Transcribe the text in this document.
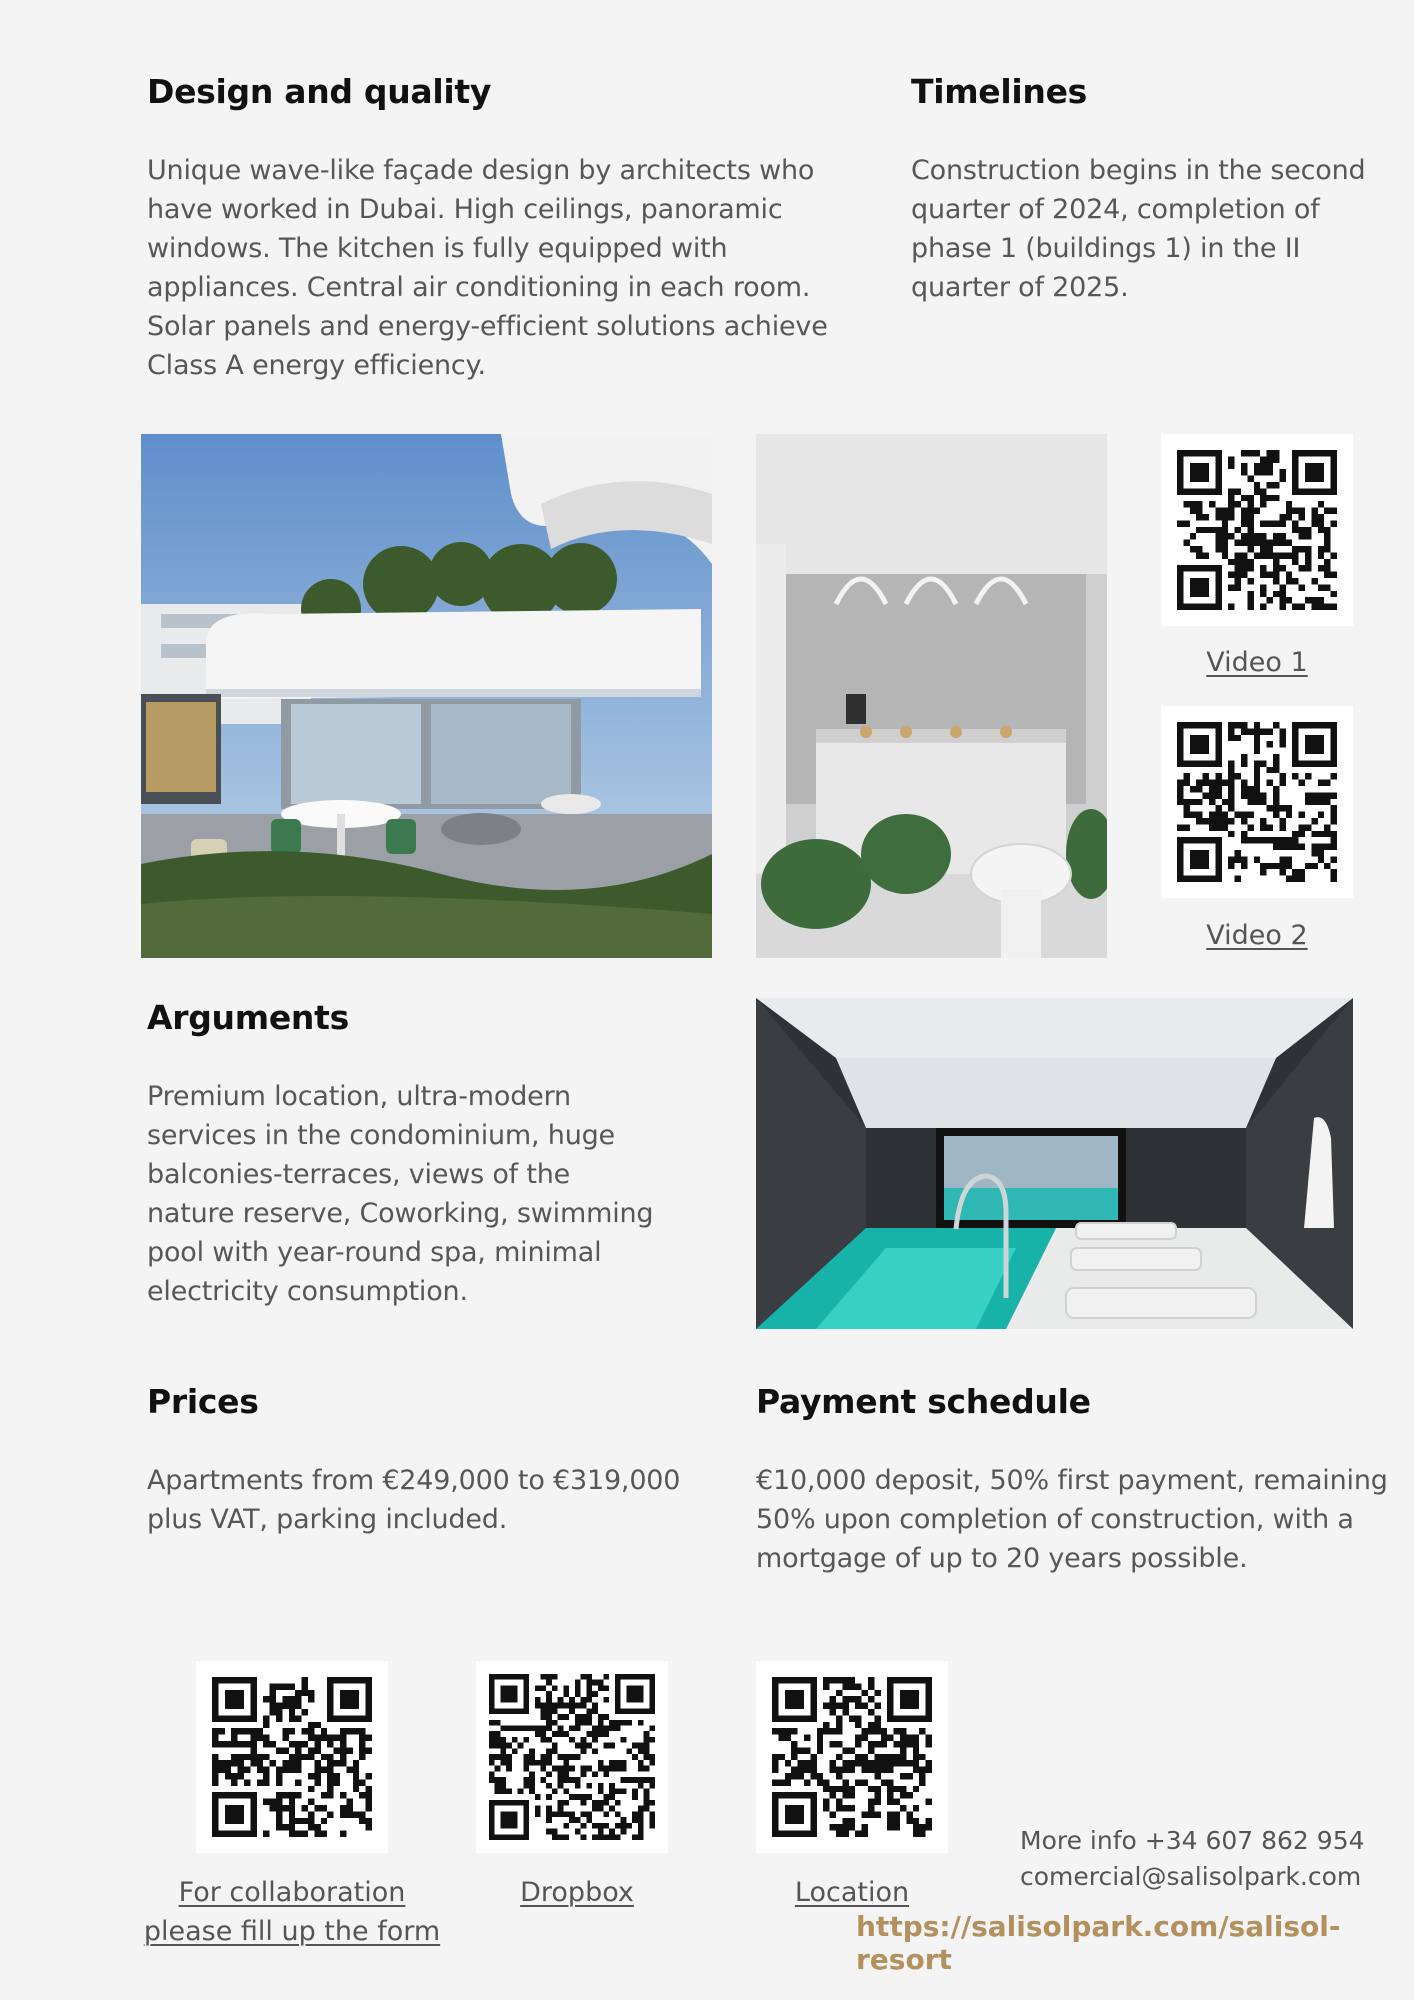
Design and quality
Unique wave-like façade design by architects who
have worked in Dubai. High ceilings, panoramic
windows. The kitchen is fully equipped with
appliances. Central air conditioning in each room.
Solar panels and energy-efficient solutions achieve
Class A energy efficiency.
Timelines
Construction begins in the second
quarter of 2024, completion of
phase 1 (buildings 1) in the II
quarter of 2025.
Video 1
Video 2
Arguments
Premium location, ultra-modern
services in the condominium, huge
balconies-terraces, views of the
nature reserve, Coworking, swimming
pool with year-round spa, minimal
electricity consumption.
Prices
Apartments from €249,000 to €319,000
plus VAT, parking included.
Payment schedule
€10,000 deposit, 50% first payment, remaining
50% upon completion of construction, with a
mortgage of up to 20 years possible.
For collaboration
please fill up the form
Dropbox	Location
More info +34 607 862 954
comercial@salisolpark.com
https://salisolpark.com/salisol-resort
